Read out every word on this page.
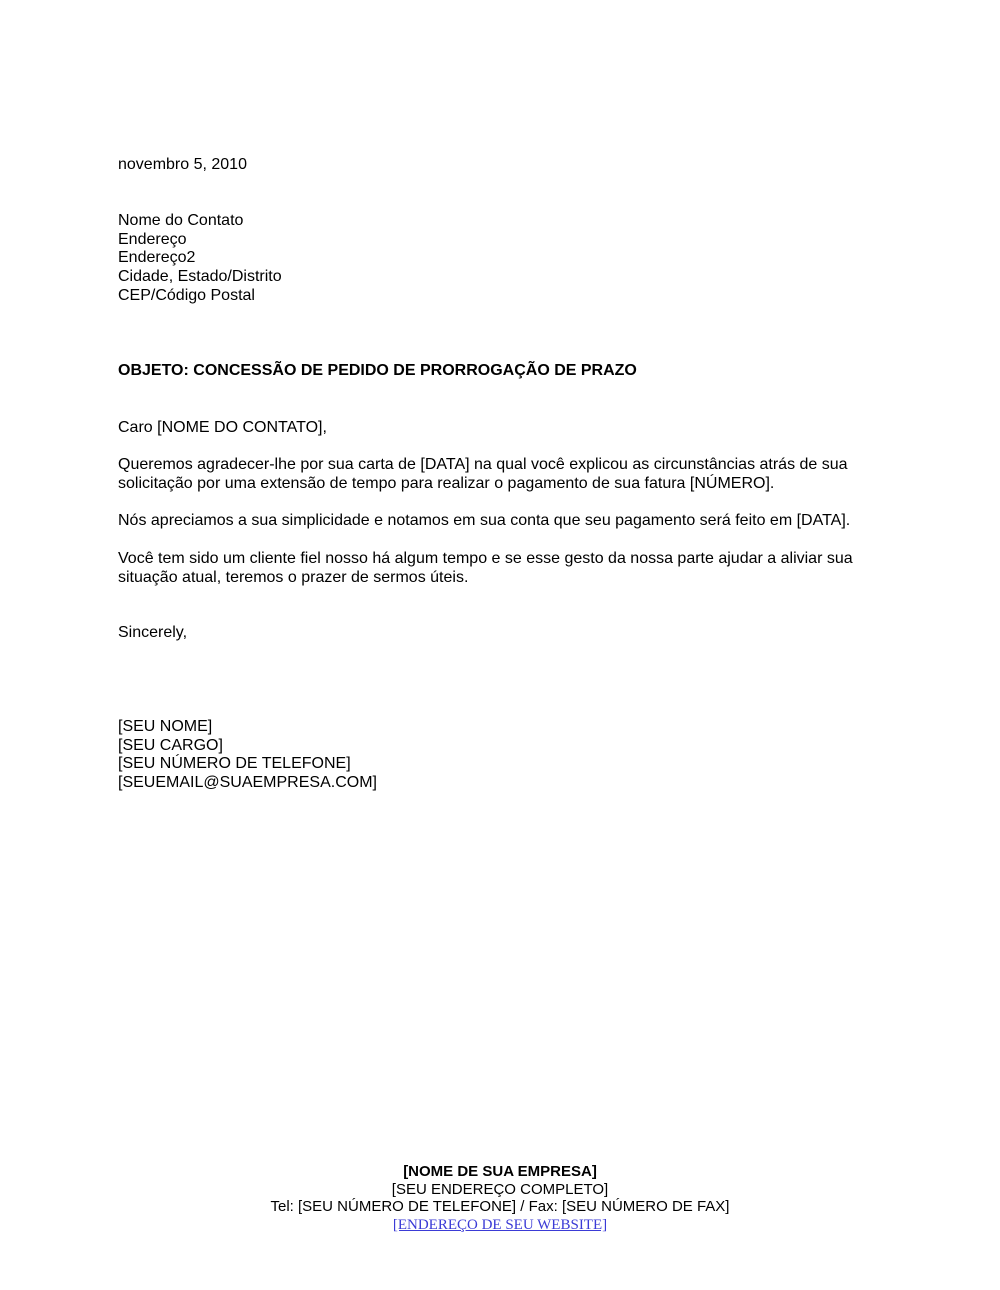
novembro 5, 2010
Nome do Contato
Endereço
Endereço2
Cidade, Estado/Distrito
CEP/Código Postal
OBJETO: CONCESSÃO DE PEDIDO DE PRORROGAÇÃO DE PRAZO
Caro [NOME DO CONTATO],
Queremos agradecer-lhe por sua carta de [DATA] na qual você explicou as circunstâncias atrás de sua
solicitação por uma extensão de tempo para realizar o pagamento de sua fatura [NÚMERO].
Nós apreciamos a sua simplicidade e notamos em sua conta que seu pagamento será feito em [DATA].
Você tem sido um cliente fiel nosso há algum tempo e se esse gesto da nossa parte ajudar a aliviar sua
situação atual, teremos o prazer de sermos úteis.
Sincerely,
[SEU NOME]
[SEU CARGO]
[SEU NÚMERO DE TELEFONE]
[SEUEMAIL@SUAEMPRESA.COM]
[NOME DE SUA EMPRESA]
[SEU ENDEREÇO COMPLETO]
Tel: [SEU NÚMERO DE TELEFONE] / Fax: [SEU NÚMERO DE FAX]
[ENDEREÇO DE SEU WEBSITE]
